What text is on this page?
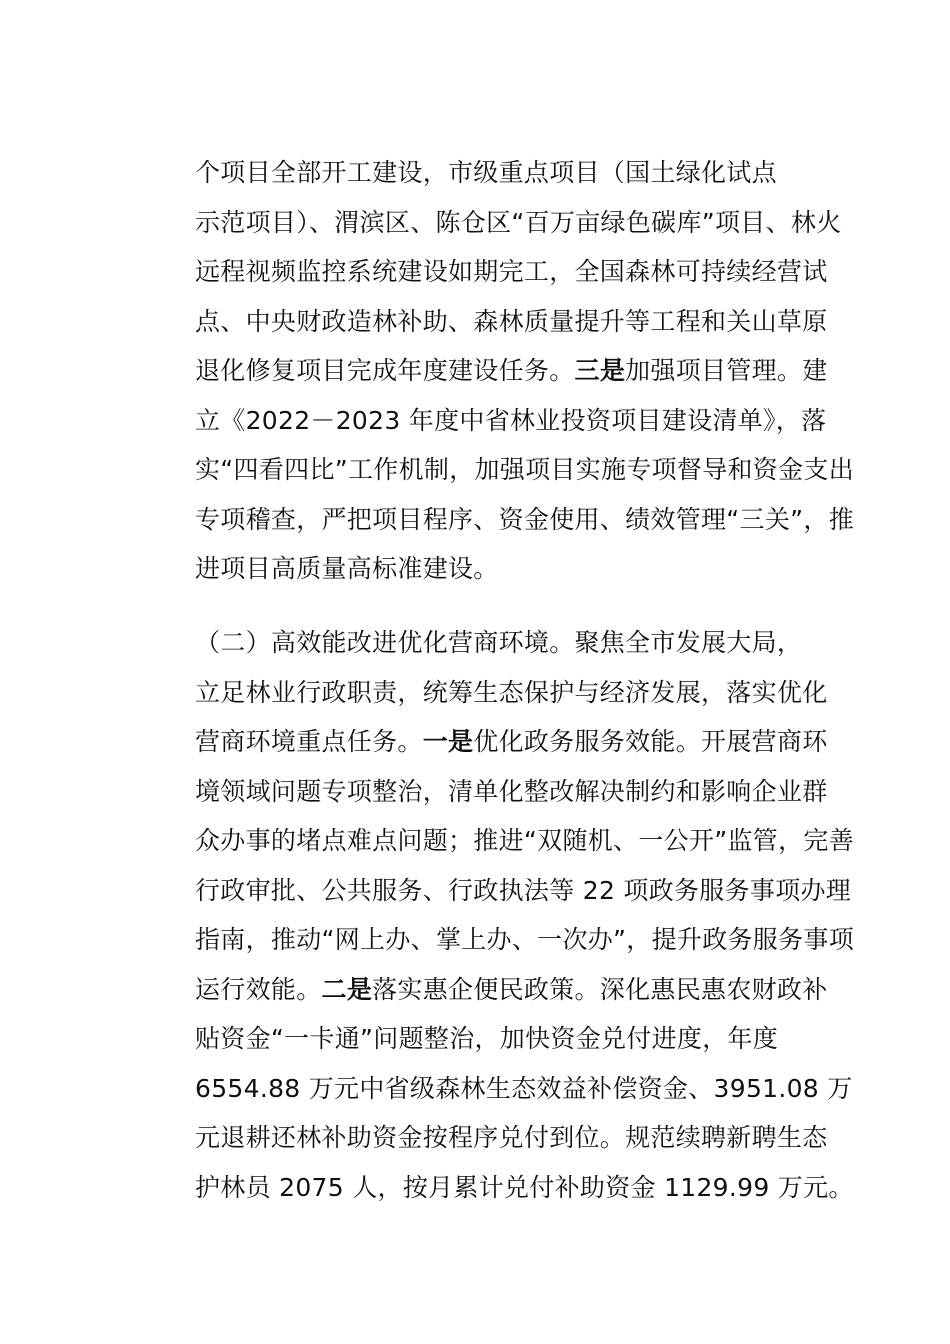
个项目全部开工建设，市级重点项目（国土绿化试点
示范项目）、渭滨区、陈仓区“百万亩绿色碳库”项目、林火
远程视频监控系统建设如期完工，全国森林可持续经营试
点、中央财政造林补助、森林质量提升等工程和关山草原
退化修复项目完成年度建设任务。三是加强项目管理。建
立《2022－2023 年度中省林业投资项目建设清单》，落
实“四看四比”工作机制，加强项目实施专项督导和资金支出
专项稽查，严把项目程序、资金使用、绩效管理“三关”，推
进项目高质量高标准建设。
（二）高效能改进优化营商环境。聚焦全市发展大局，
立足林业行政职责，统筹生态保护与经济发展，落实优化
营商环境重点任务。一是优化政务服务效能。开展营商环
境领域问题专项整治，清单化整改解决制约和影响企业群
众办事的堵点难点问题；推进“双随机、一公开”监管，完善
行政审批、公共服务、行政执法等 22 项政务服务事项办理
指南，推动“网上办、掌上办、一次办”，提升政务服务事项
运行效能。二是落实惠企便民政策。深化惠民惠农财政补
贴资金“一卡通”问题整治，加快资金兑付进度，年度
6554.88 万元中省级森林生态效益补偿资金、3951.08 万
元退耕还林补助资金按程序兑付到位。规范续聘新聘生态
护林员 2075 人，按月累计兑付补助资金 1129.99 万元。
